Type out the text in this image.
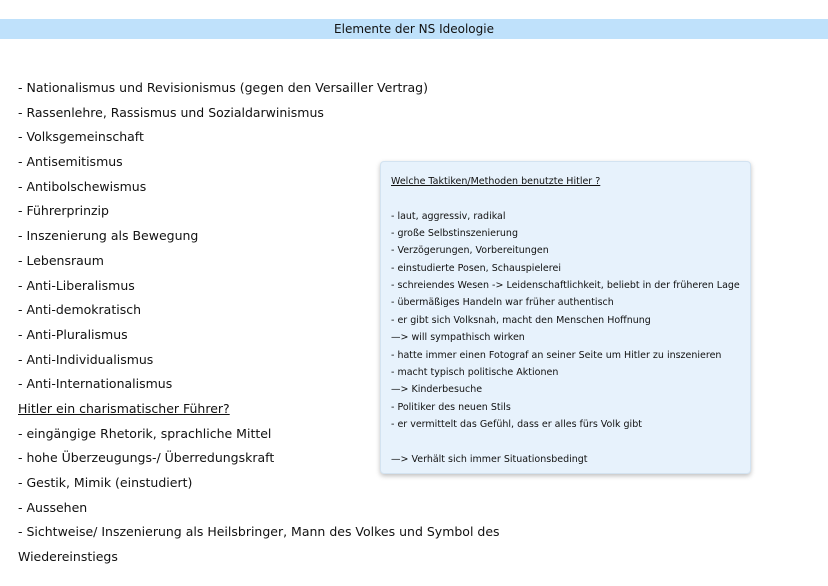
Elemente der NS Ideologie
- Nationalismus und Revisionismus (gegen den Versailler Vertrag)
- Rassenlehre, Rassismus und Sozialdarwinismus
- Volksgemeinschaft
- Antisemitismus
- Antibolschewismus
- Führerprinzip
- Inszenierung als Bewegung
- Lebensraum
- Anti-Liberalismus
- Anti-demokratisch
- Anti-Pluralismus
- Anti-Individualismus
- Anti-Internationalismus
Hitler ein charismatischer Führer?
- eingängige Rhetorik, sprachliche Mittel
- hohe Überzeugungs-/ Überredungskraft
- Gestik, Mimik (einstudiert)
- Aussehen
- Sichtweise/ Inszenierung als Heilsbringer, Mann des Volkes und Symbol des
Wiedereinstiegs
Welche Taktiken/Methoden benutzte Hitler ?
- laut, aggressiv, radikal
- große Selbstinszenierung
- Verzögerungen, Vorbereitungen
- einstudierte Posen, Schauspielerei
- schreiendes Wesen -> Leidenschaftlichkeit, beliebt in der früheren Lage
- übermäßiges Handeln war früher authentisch
- er gibt sich Volksnah, macht den Menschen Hoffnung
—> will sympathisch wirken
- hatte immer einen Fotograf an seiner Seite um Hitler zu inszenieren
- macht typisch politische Aktionen
—> Kinderbesuche
- Politiker des neuen Stils
- er vermittelt das Gefühl, dass er alles fürs Volk gibt
—> Verhält sich immer Situationsbedingt
